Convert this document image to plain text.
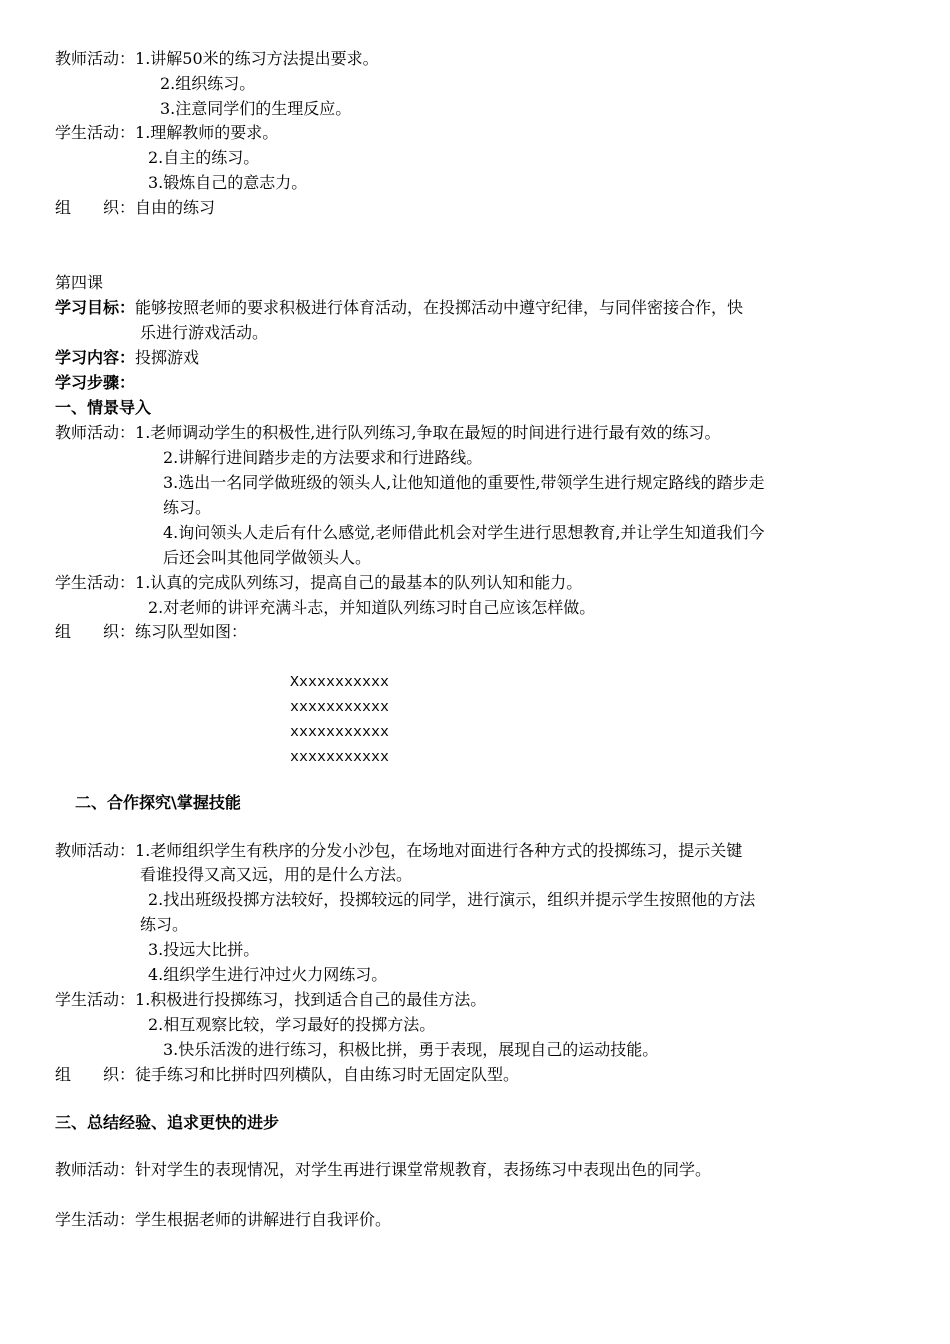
教师活动：1.讲解50米的练习方法提出要求。
2.组织练习。
3.注意同学们的生理反应。
学生活动：1.理解教师的要求。
2.自主的练习。
3.锻炼自己的意志力。
组　　织：自由的练习
第四课
学习目标：能够按照老师的要求积极进行体育活动，在投掷活动中遵守纪律，与同伴密接合作，快
乐进行游戏活动。
学习内容：投掷游戏
学习步骤：
一、情景导入
教师活动：1.老师调动学生的积极性,进行队列练习,争取在最短的时间进行进行最有效的练习。
2.讲解行进间踏步走的方法要求和行进路线。
3.选出一名同学做班级的领头人,让他知道他的重要性,带领学生进行规定路线的踏步走
练习。
4.询问领头人走后有什么感觉,老师借此机会对学生进行思想教育,并让学生知道我们今
后还会叫其他同学做领头人。
学生活动：1.认真的完成队列练习，提高自己的最基本的队列认知和能力。
2.对老师的讲评充满斗志，并知道队列练习时自己应该怎样做。
组　　织：练习队型如图：
Xxxxxxxxxxx
xxxxxxxxxxx
xxxxxxxxxxx
xxxxxxxxxxx
二、合作探究\掌握技能
教师活动：1.老师组织学生有秩序的分发小沙包，在场地对面进行各种方式的投掷练习，提示关键
看谁投得又高又远，用的是什么方法。
2.找出班级投掷方法较好，投掷较远的同学，进行演示，组织并提示学生按照他的方法
练习。
3.投远大比拼。
4.组织学生进行冲过火力网练习。
学生活动：1.积极进行投掷练习，找到适合自己的最佳方法。
2.相互观察比较，学习最好的投掷方法。
3.快乐活泼的进行练习，积极比拼，勇于表现，展现自己的运动技能。
组　　织：徒手练习和比拼时四列横队，自由练习时无固定队型。
三、总结经验、追求更快的进步
教师活动：针对学生的表现情况，对学生再进行课堂常规教育，表扬练习中表现出色的同学。
学生活动：学生根据老师的讲解进行自我评价。
